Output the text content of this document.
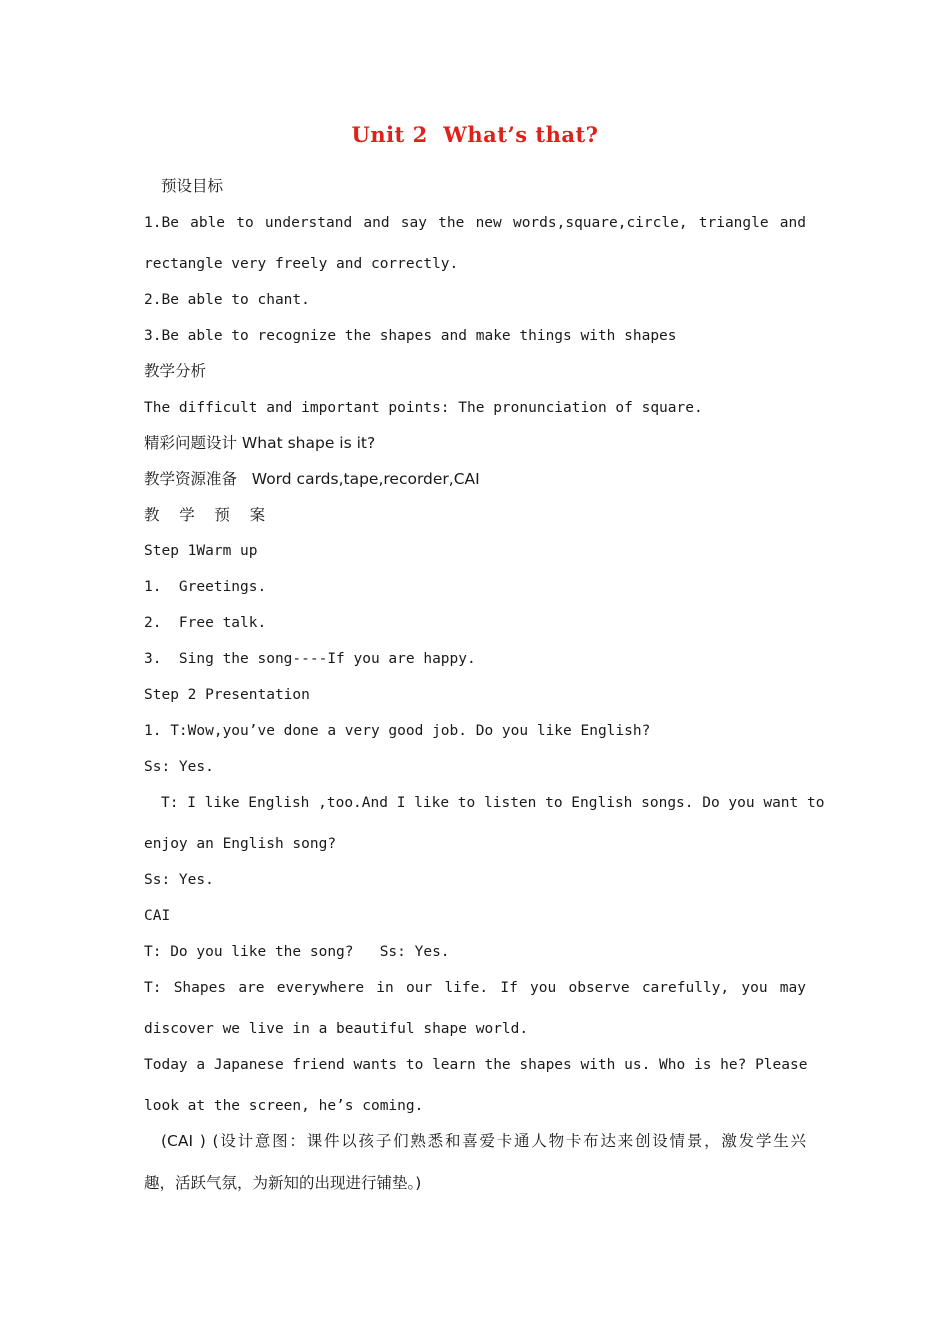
Unit 2  What’s that?
预设目标
1.Be able to understand and say the new words,square,circle, triangle and
rectangle very freely and correctly.
2.Be able to chant.
3.Be able to recognize the shapes and make things with shapes
教学分析
The difficult and important points: The pronunciation of square.
精彩问题设计 What shape is it?
教学资源准备   Word cards,tape,recorder,CAI
教    学    预    案
Step 1Warm up
1.  Greetings.
2.  Free talk.
3.  Sing the song----If you are happy.
Step 2 Presentation
1. T:Wow,you’ve done a very good job. Do you like English?
Ss: Yes.
T: I like English ,too.And I like to listen to English songs. Do you want to
enjoy an English song?
Ss: Yes.
CAI
T: Do you like the song?   Ss: Yes.
T: Shapes are everywhere in our life. If you observe carefully, you may
discover we live in a beautiful shape world.
Today a Japanese friend wants to learn the shapes with us. Who is he? Please
look at the screen, he’s coming.
(CAI ) (设计意图：课件以孩子们熟悉和喜爱卡通人物卡布达来创设情景，激发学生兴
趣，活跃气氛，为新知的出现进行铺垫。)
